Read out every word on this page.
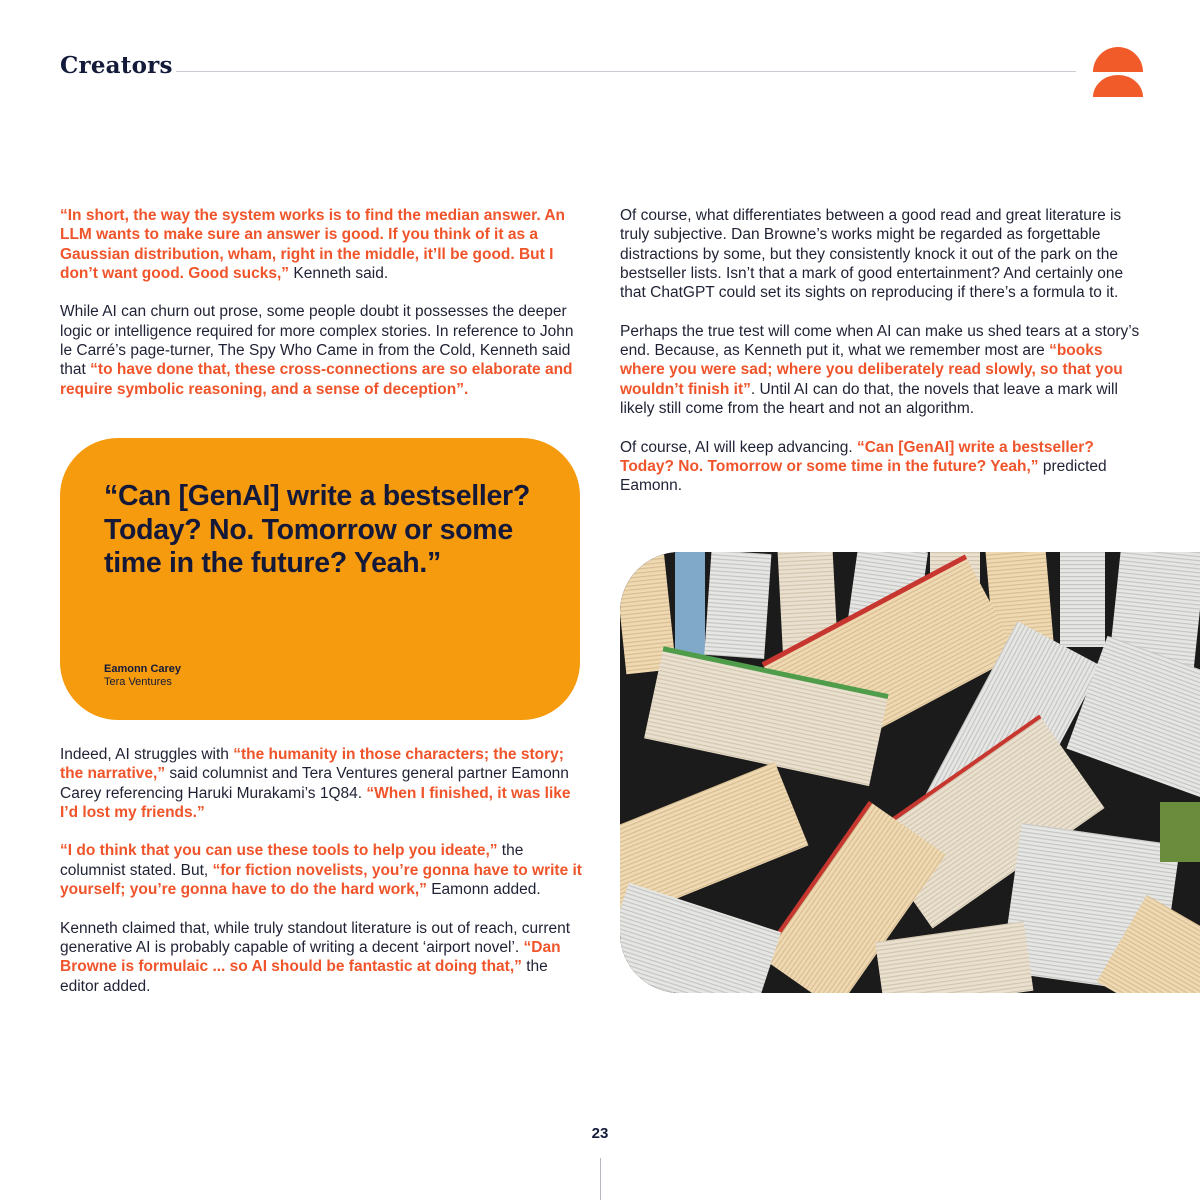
Creators

“In short, the way the system works is to find the median answer. An LLM wants to make sure an answer is good. If you think of it as a Gaussian distribution, wham, right in the middle, it’ll be good. But I don’t want good. Good sucks,” Kenneth said.

While AI can churn out prose, some people doubt it possesses the deeper logic or intelligence required for more complex stories. In reference to John le Carré’s page-turner, The Spy Who Came in from the Cold, Kenneth said that “to have done that, these cross-connections are so elaborate and require symbolic reasoning, and a sense of deception”.

“Can [GenAI] write a bestseller? Today? No. Tomorrow or some time in the future? Yeah.”
Eamonn Carey
Tera Ventures

Indeed, AI struggles with “the humanity in those characters; the story; the narrative,” said columnist and Tera Ventures general partner Eamonn Carey referencing Haruki Murakami’s 1Q84. “When I finished, it was like I’d lost my friends.”

“I do think that you can use these tools to help you ideate,” the columnist stated. But, “for fiction novelists, you’re gonna have to write it yourself; you’re gonna have to do the hard work,” Eamonn added.

Kenneth claimed that, while truly standout literature is out of reach, current generative AI is probably capable of writing a decent ‘airport novel’. “Dan Browne is formulaic ... so AI should be fantastic at doing that,” the editor added.

Of course, what differentiates between a good read and great literature is truly subjective. Dan Browne’s works might be regarded as forgettable distractions by some, but they consistently knock it out of the park on the bestseller lists. Isn’t that a mark of good entertainment? And certainly one that ChatGPT could set its sights on reproducing if there’s a formula to it.

Perhaps the true test will come when AI can make us shed tears at a story’s end. Because, as Kenneth put it, what we remember most are “books where you were sad; where you deliberately read slowly, so that you wouldn’t finish it”. Until AI can do that, the novels that leave a mark will likely still come from the heart and not an algorithm.

Of course, AI will keep advancing. “Can [GenAI] write a bestseller? Today? No. Tomorrow or some time in the future? Yeah,” predicted Eamonn.

23
